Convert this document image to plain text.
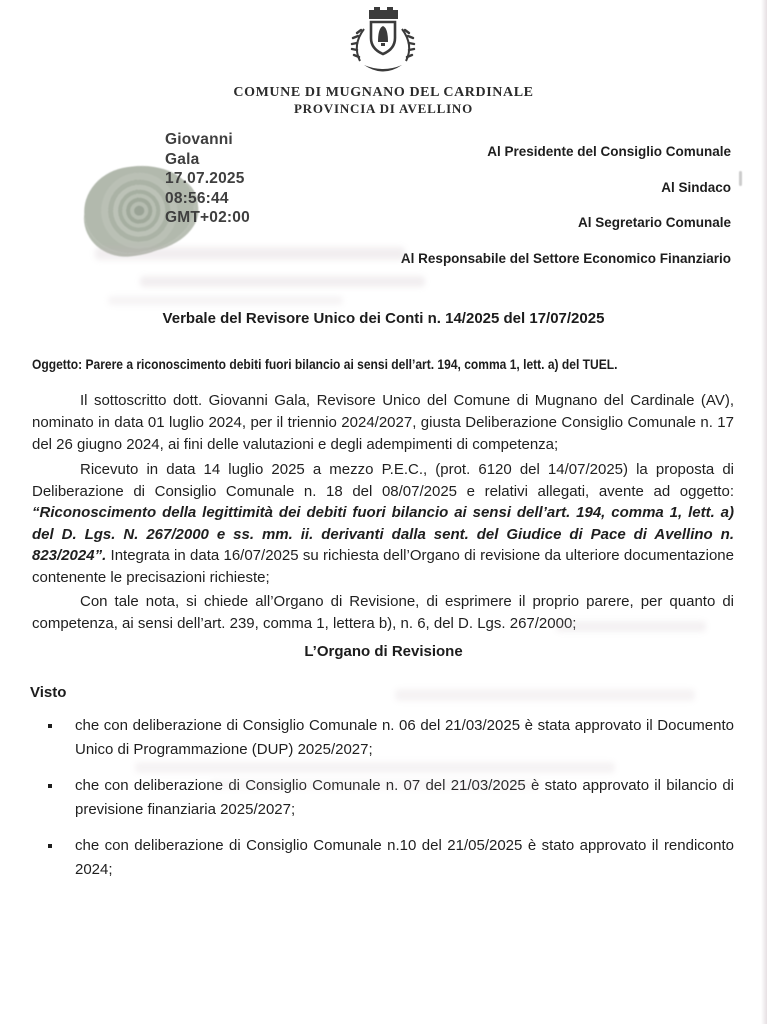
COMUNE DI MUGNANO DEL CARDINALE
PROVINCIA DI AVELLINO
Giovanni
Gala
17.07.2025
08:56:44
GMT+02:00
Al Presidente del Consiglio Comunale
Al Sindaco
Al Segretario Comunale
Al Responsabile del Settore Economico Finanziario
Verbale del Revisore Unico dei Conti n. 14/2025 del 17/07/2025
Oggetto: Parere a riconoscimento debiti fuori bilancio ai sensi dell’art. 194, comma 1, lett. a) del TUEL.
Il sottoscritto dott. Giovanni Gala, Revisore Unico del Comune di Mugnano del Cardinale (AV), nominato in data 01 luglio 2024, per il triennio 2024/2027, giusta Deliberazione Consiglio Comunale n. 17 del 26 giugno 2024, ai fini delle valutazioni e degli adempimenti di competenza;
Ricevuto in data 14 luglio 2025 a mezzo P.E.C., (prot. 6120 del 14/07/2025) la proposta di Deliberazione di Consiglio Comunale n. 18 del 08/07/2025 e relativi allegati, avente ad oggetto: “Riconoscimento della legittimità dei debiti fuori bilancio ai sensi dell’art. 194, comma 1, lett. a) del D. Lgs. N. 267/2000 e ss. mm. ii. derivanti dalla sent. del Giudice di Pace di Avellino n. 823/2024”. Integrata in data 16/07/2025 su richiesta dell’Organo di revisione da ulteriore documentazione contenente le precisazioni richieste;
Con tale nota, si chiede all’Organo di Revisione, di esprimere il proprio parere, per quanto di competenza, ai sensi dell’art. 239, comma 1, lettera b), n. 6, del D. Lgs. 267/2000;
L’Organo di Revisione
Visto
che con deliberazione di Consiglio Comunale n. 06 del 21/03/2025 è stata approvato il Documento Unico di Programmazione (DUP) 2025/2027;
che con deliberazione di Consiglio Comunale n. 07 del 21/03/2025 è stato approvato il bilancio di previsione finanziaria 2025/2027;
che con deliberazione di Consiglio Comunale n.10 del 21/05/2025 è stato approvato il rendiconto 2024;
